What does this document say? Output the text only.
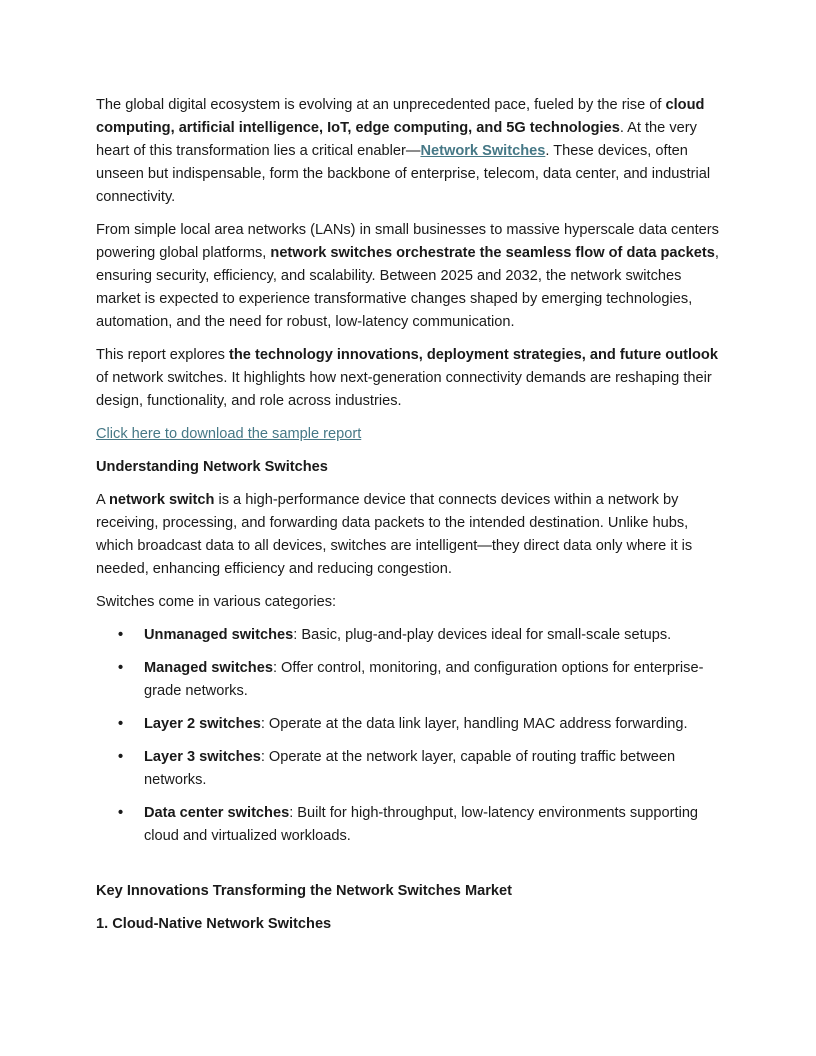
The global digital ecosystem is evolving at an unprecedented pace, fueled by the rise of cloud computing, artificial intelligence, IoT, edge computing, and 5G technologies. At the very heart of this transformation lies a critical enabler—Network Switches. These devices, often unseen but indispensable, form the backbone of enterprise, telecom, data center, and industrial connectivity.

From simple local area networks (LANs) in small businesses to massive hyperscale data centers powering global platforms, network switches orchestrate the seamless flow of data packets, ensuring security, efficiency, and scalability. Between 2025 and 2032, the network switches market is expected to experience transformative changes shaped by emerging technologies, automation, and the need for robust, low-latency communication.

This report explores the technology innovations, deployment strategies, and future outlook of network switches. It highlights how next-generation connectivity demands are reshaping their design, functionality, and role across industries.

Click here to download the sample report

Understanding Network Switches

A network switch is a high-performance device that connects devices within a network by receiving, processing, and forwarding data packets to the intended destination. Unlike hubs, which broadcast data to all devices, switches are intelligent—they direct data only where it is needed, enhancing efficiency and reducing congestion.

Switches come in various categories:

• Unmanaged switches: Basic, plug-and-play devices ideal for small-scale setups.
• Managed switches: Offer control, monitoring, and configuration options for enterprise-grade networks.
• Layer 2 switches: Operate at the data link layer, handling MAC address forwarding.
• Layer 3 switches: Operate at the network layer, capable of routing traffic between networks.
• Data center switches: Built for high-throughput, low-latency environments supporting cloud and virtualized workloads.

Key Innovations Transforming the Network Switches Market

1. Cloud-Native Network Switches
